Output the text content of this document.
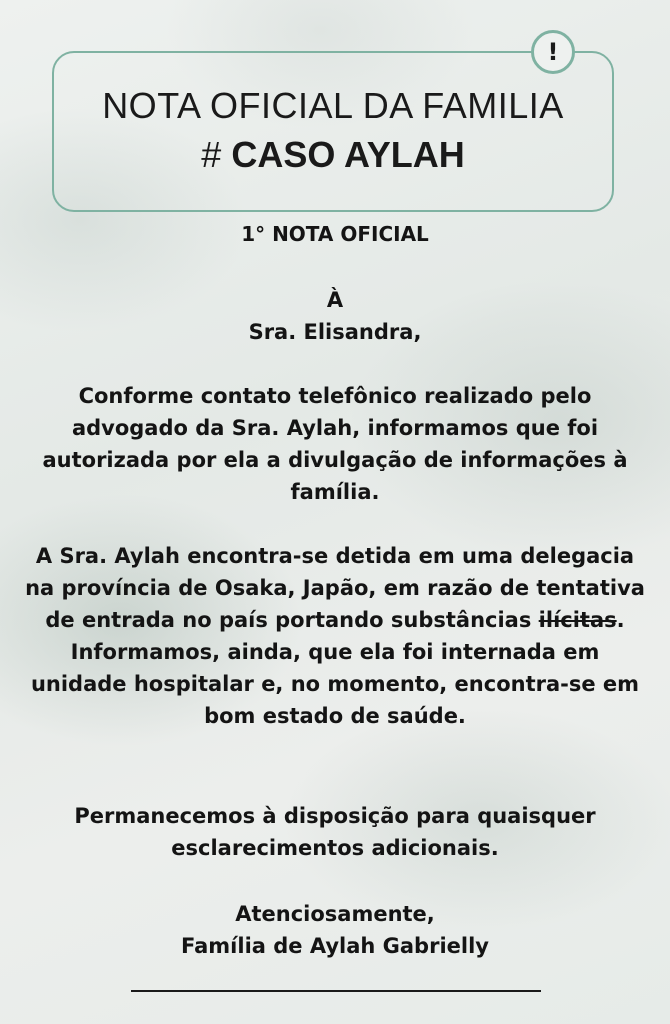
!
NOTA OFICIAL DA FAMILIA
# CASO AYLAH

1° NOTA OFICIAL

À

Sra. Elisandra,

Conforme contato telefônico realizado pelo advogado da Sra. Aylah, informamos que foi autorizada por ela a divulgação de informações à família.

A Sra. Aylah encontra-se detida em uma delegacia na província de Osaka, Japão, em razão de tentativa de entrada no país portando substâncias ilícitas. Informamos, ainda, que ela foi internada em unidade hospitalar e, no momento, encontra-se em bom estado de saúde.

Permanecemos à disposição para quaisquer esclarecimentos adicionais.

Atenciosamente,

Família de Aylah Gabrielly
